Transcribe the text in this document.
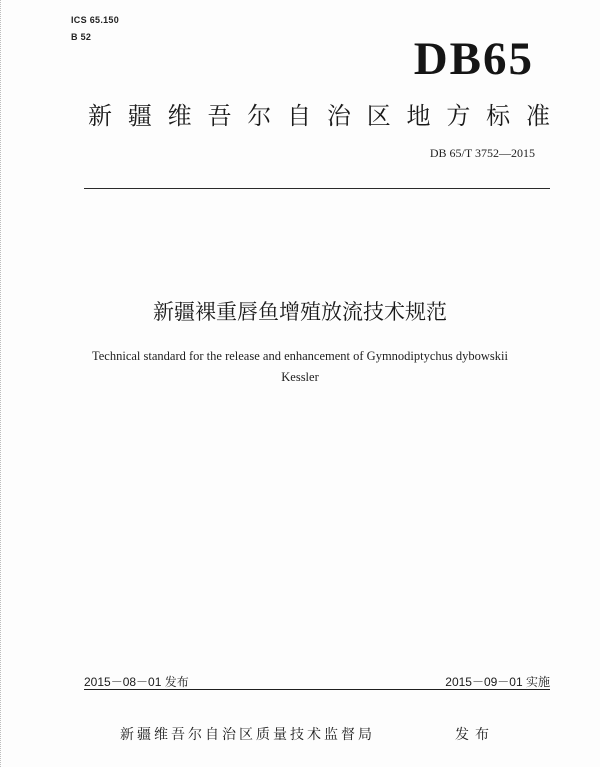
ICS 65.150
B 52	DB65
新 疆 维 吾 尔 自 治 区 地 方 标 准
DB 65/T 3752—2015
新疆裸重唇鱼增殖放流技术规范
Technical standard for the release and enhancement of Gymnodiptychus dybowskii
Kessler
2015－08－01 发布	2015－09－01 实施
新疆维吾尔自治区质量技术监督局	发布
